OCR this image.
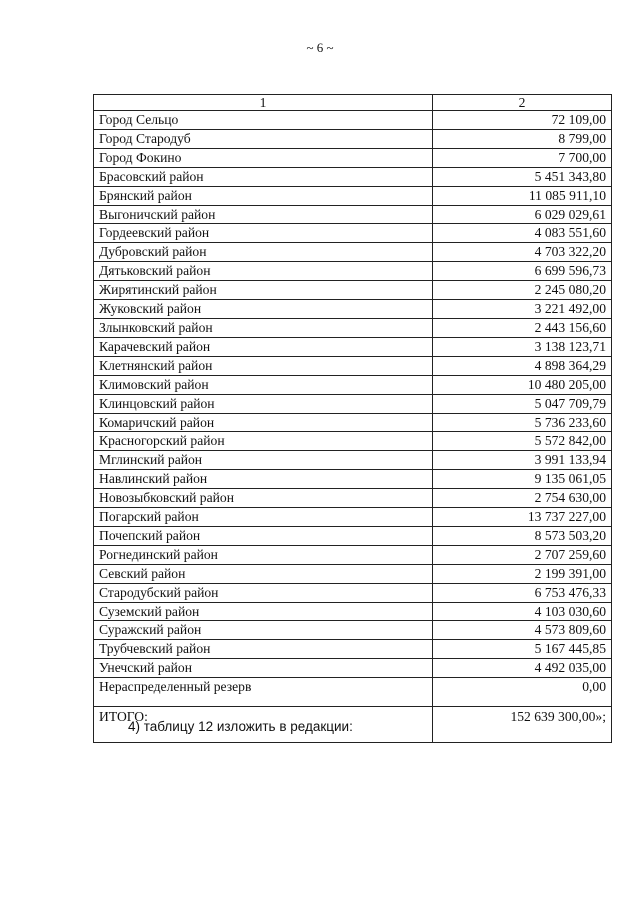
~ 6 ~
1	2
Город Сельцо	72 109,00
Город Стародуб	8 799,00
Город Фокино	7 700,00
Брасовский район	5 451 343,80
Брянский район	11 085 911,10
Выгоничский район	6 029 029,61
Гордеевский район	4 083 551,60
Дубровский район	4 703 322,20
Дятьковский район	6 699 596,73
Жирятинский район	2 245 080,20
Жуковский район	3 221 492,00
Злынковский район	2 443 156,60
Карачевский район	3 138 123,71
Клетнянский район	4 898 364,29
Климовский район	10 480 205,00
Клинцовский район	5 047 709,79
Комаричский район	5 736 233,60
Красногорский район	5 572 842,00
Мглинский район	3 991 133,94
Навлинский район	9 135 061,05
Новозыбковский район	2 754 630,00
Погарский район	13 737 227,00
Почепский район	8 573 503,20
Рогнединский район	2 707 259,60
Севский район	2 199 391,00
Стародубский район	6 753 476,33
Суземский район	4 103 030,60
Суражский район	4 573 809,60
Трубчевский район	5 167 445,85
Унечский район	4 492 035,00
Нераспределенный резерв	0,00
ИТОГО:	152 639 300,00»;
4) таблицу 12 изложить в редакции:
